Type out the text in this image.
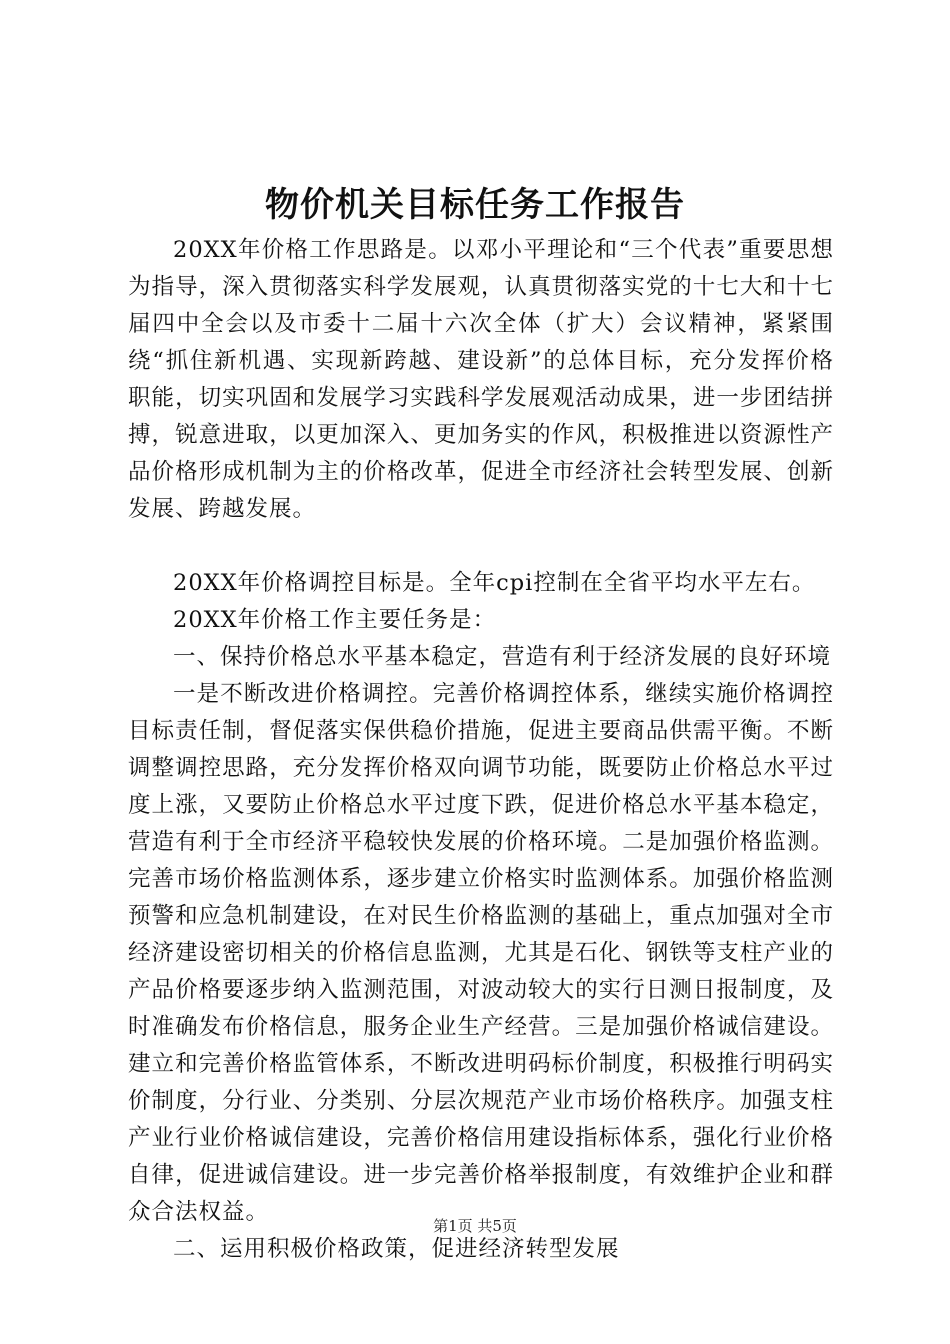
物价机关目标任务工作报告

20XX年价格工作思路是。以邓小平理论和“三个代表”重要思想为指导，深入贯彻落实科学发展观，认真贯彻落实党的十七大和十七届四中全会以及市委十二届十六次全体（扩大）会议精神，紧紧围绕“抓住新机遇、实现新跨越、建设新”的总体目标，充分发挥价格职能，切实巩固和发展学习实践科学发展观活动成果，进一步团结拼搏，锐意进取，以更加深入、更加务实的作风，积极推进以资源性产品价格形成机制为主的价格改革，促进全市经济社会转型发展、创新发展、跨越发展。

20XX年价格调控目标是。全年cpi控制在全省平均水平左右。

20XX年价格工作主要任务是：

一、保持价格总水平基本稳定，营造有利于经济发展的良好环境

一是不断改进价格调控。完善价格调控体系，继续实施价格调控目标责任制，督促落实保供稳价措施，促进主要商品供需平衡。不断调整调控思路，充分发挥价格双向调节功能，既要防止价格总水平过度上涨，又要防止价格总水平过度下跌，促进价格总水平基本稳定，营造有利于全市经济平稳较快发展的价格环境。二是加强价格监测。完善市场价格监测体系，逐步建立价格实时监测体系。加强价格监测预警和应急机制建设，在对民生价格监测的基础上，重点加强对全市经济建设密切相关的价格信息监测，尤其是石化、钢铁等支柱产业的产品价格要逐步纳入监测范围，对波动较大的实行日测日报制度，及时准确发布价格信息，服务企业生产经营。三是加强价格诚信建设。建立和完善价格监管体系，不断改进明码标价制度，积极推行明码实价制度，分行业、分类别、分层次规范产业市场价格秩序。加强支柱产业行业价格诚信建设，完善价格信用建设指标体系，强化行业价格自律，促进诚信建设。进一步完善价格举报制度，有效维护企业和群众合法权益。

二、运用积极价格政策，促进经济转型发展

第1页 共5页
